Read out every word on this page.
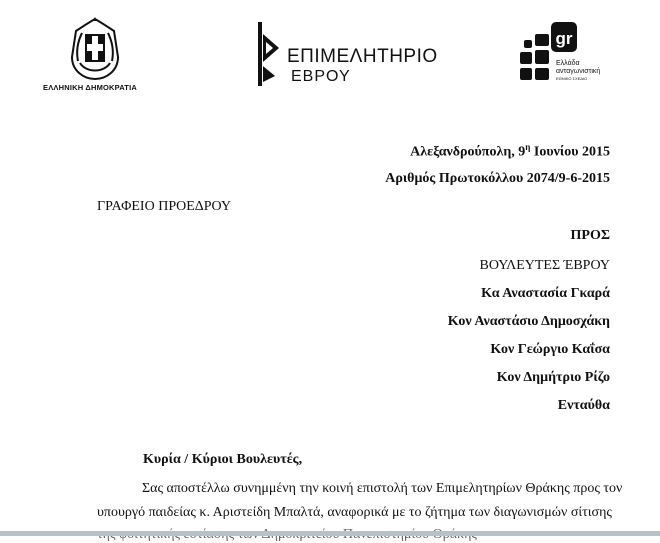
ΕΛΛΗΝΙΚΗ ΔΗΜΟΚΡΑΤΙΑ
ΕΠΙΜΕΛΗΤΗΡΙΟ
ΕΒΡΟΥ
gr
Ελλάδα
ανταγωνιστική
ΕΘΝΙΚΟ ΣΧΕΔΙΟ
Αλεξανδρούπολη, $9^\eta$ Ιουνίου 2015
Αριθμός Πρωτοκόλλου 2074/9-6-2015
ΓΡΑΦΕΙΟ ΠΡΟΕΔΡΟΥ
ΠΡΟΣ
ΒΟΥΛΕΥΤΕΣ ΈΒΡΟΥ
Κα Αναστασία Γκαρά
Κον Αναστάσιο Δημοσχάκη
Κον Γεώργιο Καΐσα
Κον Δημήτριο Ρίζο
Ενταύθα
Κυρία / Κύριοι Βουλευτές,
Σας αποστέλλω συνημμένη την κοινή επιστολή των Επιμελητηρίων Θράκης προς τον
υπουργό παιδείας κ. Αριστείδη Μπαλτά, αναφορικά με το ζήτημα των διαγωνισμών σίτισης
